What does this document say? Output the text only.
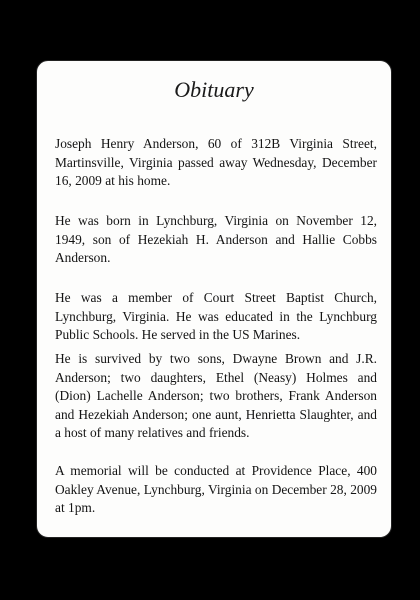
Obituary

Joseph Henry Anderson, 60 of 312B Virginia Street, Martinsville, Virginia passed away Wednesday, December 16, 2009 at his home.

He was born in Lynchburg, Virginia on November 12, 1949, son of Hezekiah H. Anderson and Hallie Cobbs Anderson.

He was a member of Court Street Baptist Church, Lynchburg, Virginia. He was educated in the Lynchburg Public Schools. He served in the US Marines.

He is survived by two sons, Dwayne Brown and J.R. Anderson; two daughters, Ethel (Neasy) Holmes and (Dion) Lachelle Anderson; two brothers, Frank Anderson and Hezekiah Anderson; one aunt, Henrietta Slaughter, and a host of many relatives and friends.

A memorial will be conducted at Providence Place, 400 Oakley Avenue, Lynchburg, Virginia on December 28, 2009 at 1pm.
